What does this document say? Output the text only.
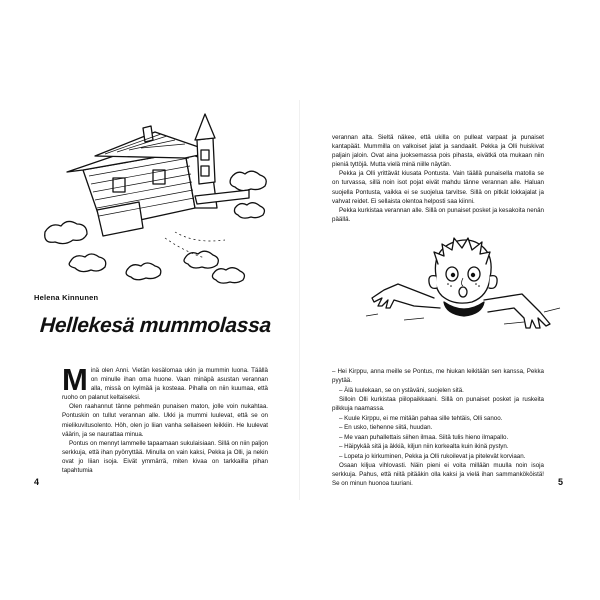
Helena Kinnunen
Hellekesä mummolassa

Minä olen Anni. Vietän kesälomaa ukin ja mummin luona. Täällä on minulle ihan oma huone. Vaan minäpä asustan verannan alla, missä on kylmää ja kosteaa. Pihalla on niin kuumaa, että ruoho on palanut keltaiseksi.

Olen raahannut tänne pehmeän punaisen maton, jolle voin nukahtaa. Pontuskin on tullut verannan alle. Ukki ja mummi luulevat, että se on mielikuvitusolento. Höh, olen jo liian vanha sellaiseen leikkiin. He luulevat väärin, ja se naurattaa minua.

Pontus on mennyt lammelle tapaamaan sukulaisiaan. Sillä on niin paljon serkkuja, että ihan pyörryttää. Minulla on vain kaksi, Pekka ja Olli, ja nekin ovat jo liian isoja. Eivät ymmärrä, miten kivaa on tarkkailla pihan tapahtumia

4

verannan alta. Sieltä näkee, että ukilla on pulleat varpaat ja punaiset kantapäät. Mummilla on valkoiset jalat ja sandaalit. Pekka ja Olli huiskivat paljain jaloin. Ovat aina juoksemassa pois pihasta, eivätkä ota mukaan niin pieniä tyttöjä. Mutta vielä minä niille näytän.

Pekka ja Olli yrittävät kiusata Pontusta. Vain täällä punaisella matolla se on turvassa, sillä noin isot pojat eivät mahdu tänne verannan alle. Haluan suojella Pontusta, vaikka ei se suojelua tarvitse. Sillä on pitkät lokkajalat ja vahvat reidet. Ei sellaista olentoa helposti saa kiinni.

Pekka kurkistaa verannan alle. Sillä on punaiset posket ja kesakoita nenän päällä.

– Hei Kirppu, anna meille se Pontus, me hiukan leikitään sen kanssa, Pekka pyytää.

– Älä luulekaan, se on ystäväni, suojelen sitä.

Silloin Olli kurkistaa piilopaikkaani. Sillä on punaiset posket ja ruskeita pilkkuja naamassa.

– Kuule Kirppu, ei me mitään pahaa sille tehtäis, Olli sanoo.

– En usko, tiehenne siitä, huudan.

– Me vaan puhallettais siihen ilmaa. Siitä tulis hieno ilmapallo.

– Häipykää sitä ja äkkiä, kiljun niin korkealta kuin ikinä pystyn.

– Lopeta jo kirkuminen, Pekka ja Olli rukoilevat ja pitelevät korviaan.

Osaan kiljua vihlovasti. Näin pieni ei voita millään muulla noin isoja serkkuja. Pahus, että niitä pitääkin olla kaksi ja vielä ihan sammankököistä! Se on minun huonoa tuuriani.	5
